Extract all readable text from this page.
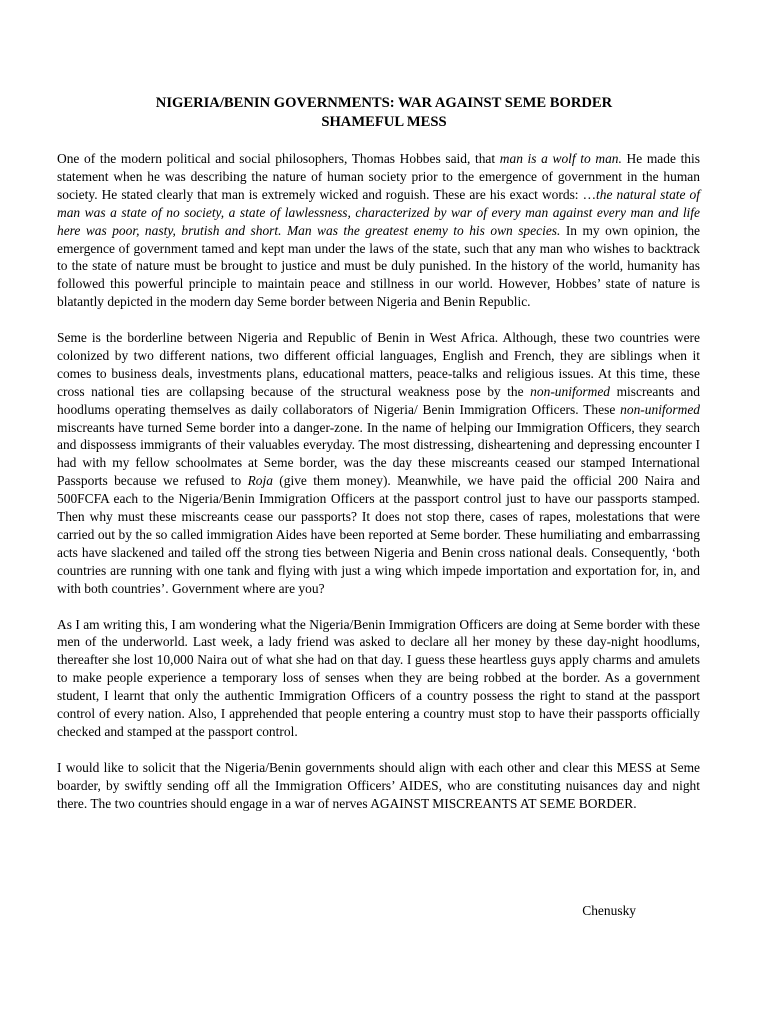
NIGERIA/BENIN GOVERNMENTS: WAR AGAINST SEME BORDER
SHAMEFUL MESS

One of the modern political and social philosophers, Thomas Hobbes said, that man is a wolf to man. He made this statement when he was describing the nature of human society prior to the emergence of government in the human society. He stated clearly that man is extremely wicked and roguish. These are his exact words: …the natural state of man was a state of no society, a state of lawlessness, characterized by war of every man against every man and life here was poor, nasty, brutish and short. Man was the greatest enemy to his own species. In my own opinion, the emergence of government tamed and kept man under the laws of the state, such that any man who wishes to backtrack to the state of nature must be brought to justice and must be duly punished. In the history of the world, humanity has followed this powerful principle to maintain peace and stillness in our world. However, Hobbes’ state of nature is blatantly depicted in the modern day Seme border between Nigeria and Benin Republic.

Seme is the borderline between Nigeria and Republic of Benin in West Africa. Although, these two countries were colonized by two different nations, two different official languages, English and French, they are siblings when it comes to business deals, investments plans, educational matters, peace-talks and religious issues. At this time, these cross national ties are collapsing because of the structural weakness pose by the non-uniformed miscreants and hoodlums operating themselves as daily collaborators of Nigeria/ Benin Immigration Officers. These non-uniformed miscreants have turned Seme border into a danger-zone. In the name of helping our Immigration Officers, they search and dispossess immigrants of their valuables everyday. The most distressing, disheartening and depressing encounter I had with my fellow schoolmates at Seme border, was the day these miscreants ceased our stamped International Passports because we refused to Roja (give them money). Meanwhile, we have paid the official 200 Naira and 500FCFA each to the Nigeria/Benin Immigration Officers at the passport control just to have our passports stamped. Then why must these miscreants cease our passports? It does not stop there, cases of rapes, molestations that were carried out by the so called immigration Aides have been reported at Seme border. These humiliating and embarrassing acts have slackened and tailed off the strong ties between Nigeria and Benin cross national deals. Consequently, ‘both countries are running with one tank and flying with just a wing which impede importation and exportation for, in, and with both countries’. Government where are you?

As I am writing this, I am wondering what the Nigeria/Benin Immigration Officers are doing at Seme border with these men of the underworld. Last week, a lady friend was asked to declare all her money by these day-night hoodlums, thereafter she lost 10,000 Naira out of what she had on that day. I guess these heartless guys apply charms and amulets to make people experience a temporary loss of senses when they are being robbed at the border. As a government student, I learnt that only the authentic Immigration Officers of a country possess the right to stand at the passport control of every nation. Also, I apprehended that people entering a country must stop to have their passports officially checked and stamped at the passport control.

I would like to solicit that the Nigeria/Benin governments should align with each other and clear this MESS at Seme boarder, by swiftly sending off all the Immigration Officers’ AIDES, who are constituting nuisances day and night there. The two countries should engage in a war of nerves AGAINST MISCREANTS AT SEME BORDER.

Chenusky
